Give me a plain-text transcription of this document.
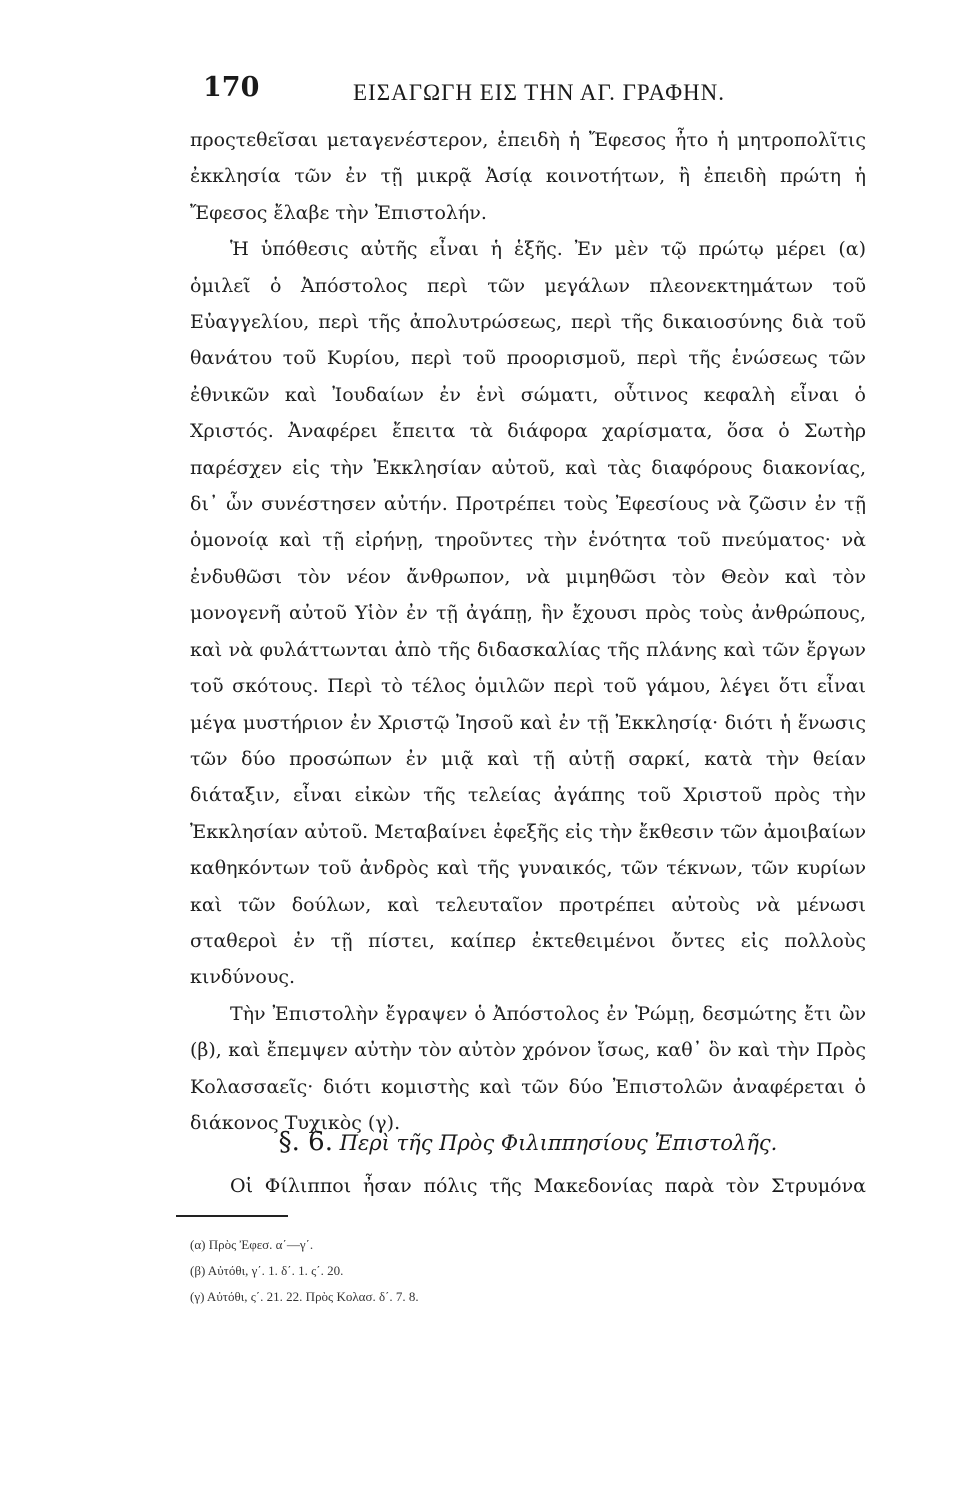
170	ΕΙΣΑΓΩΓΗ ΕΙΣ ΤΗΝ ΑΓ. ΓΡΑΦΗΝ.

προςτεθεῖσαι μεταγενέστερον, ἐπειδὴ ἡ Ἔφεσος ἦτο ἡ μητροπολῖτις ἐκκλησία τῶν ἐν τῇ μικρᾷ Ἀσίᾳ κοινοτήτων, ἢ ἐπειδὴ πρώτη ἡ Ἔφεσος ἔλαβε τὴν Ἐπιστολήν.

Ἡ ὑπόθεσις αὐτῆς εἶναι ἡ ἑξῆς. Ἐν μὲν τῷ πρώτῳ μέρει (α) ὁμιλεῖ ὁ Ἀπόστολος περὶ τῶν μεγάλων πλεονεκτημάτων τοῦ Εὐαγγελίου, περὶ τῆς ἀπολυτρώσεως, περὶ τῆς δικαιοσύνης διὰ τοῦ θανάτου τοῦ Κυρίου, περὶ τοῦ προορισμοῦ, περὶ τῆς ἑνώσεως τῶν ἐθνικῶν καὶ Ἰουδαίων ἐν ἑνὶ σώματι, οὗτινος κεφαλὴ εἶναι ὁ Χριστός. Ἀναφέρει ἔπειτα τὰ διάφορα χαρίσματα, ὅσα ὁ Σωτὴρ παρέσχεν εἰς τὴν Ἐκκλησίαν αὐτοῦ, καὶ τὰς διαφόρους διακονίας, δι᾿ ὧν συνέστησεν αὐτήν. Προτρέπει τοὺς Ἐφεσίους νὰ ζῶσιν ἐν τῇ ὁμονοίᾳ καὶ τῇ εἰρήνῃ, τηροῦντες τὴν ἑνότητα τοῦ πνεύματος· νὰ ἐνδυθῶσι τὸν νέον ἄνθρωπον, νὰ μιμηθῶσι τὸν Θεὸν καὶ τὸν μονογενῆ αὐτοῦ Υἱὸν ἐν τῇ ἀγάπῃ, ἣν ἔχουσι πρὸς τοὺς ἀνθρώπους, καὶ νὰ φυλάττωνται ἀπὸ τῆς διδασκαλίας τῆς πλάνης καὶ τῶν ἔργων τοῦ σκότους. Περὶ τὸ τέλος ὁμιλῶν περὶ τοῦ γάμου, λέγει ὅτι εἶναι μέγα μυστήριον ἐν Χριστῷ Ἰησοῦ καὶ ἐν τῇ Ἐκκλησίᾳ· διότι ἡ ἕνωσις τῶν δύο προσώπων ἐν μιᾷ καὶ τῇ αὐτῇ σαρκί, κατὰ τὴν θείαν διάταξιν, εἶναι εἰκὼν τῆς τελείας ἀγάπης τοῦ Χριστοῦ πρὸς τὴν Ἐκκλησίαν αὐτοῦ. Μεταβαίνει ἐφεξῆς εἰς τὴν ἔκθεσιν τῶν ἀμοιβαίων καθηκόντων τοῦ ἀνδρὸς καὶ τῆς γυναικός, τῶν τέκνων, τῶν κυρίων καὶ τῶν δούλων, καὶ τελευταῖον προτρέπει αὐτοὺς νὰ μένωσι σταθεροὶ ἐν τῇ πίστει, καίπερ ἐκτεθειμένοι ὄντες εἰς πολλοὺς κινδύνους.

Τὴν Ἐπιστολὴν ἔγραψεν ὁ Ἀπόστολος ἐν Ῥώμῃ, δεσμώτης ἔτι ὢν (β), καὶ ἔπεμψεν αὐτὴν τὸν αὐτὸν χρόνον ἴσως, καθ᾿ ὃν καὶ τὴν Πρὸς Κολασσαεῖς· διότι κομιστὴς καὶ τῶν δύο Ἐπιστολῶν ἀναφέρεται ὁ διάκονος Τυχικὸς (γ).

§. 6. Περὶ τῆς Πρὸς Φιλιππησίους Ἐπιστολῆς.
Οἱ Φίλιπποι ἦσαν πόλις τῆς Μακεδονίας παρὰ τὸν Στρυμόνα
(α) Πρὸς Ἐφεσ. α΄—γ΄.
(β) Αὐτόθι, γ΄. 1. δ΄. 1. ς΄. 20.
(γ) Αὐτόθι, ς΄. 21. 22. Πρὸς Κολασ. δ΄. 7. 8.
